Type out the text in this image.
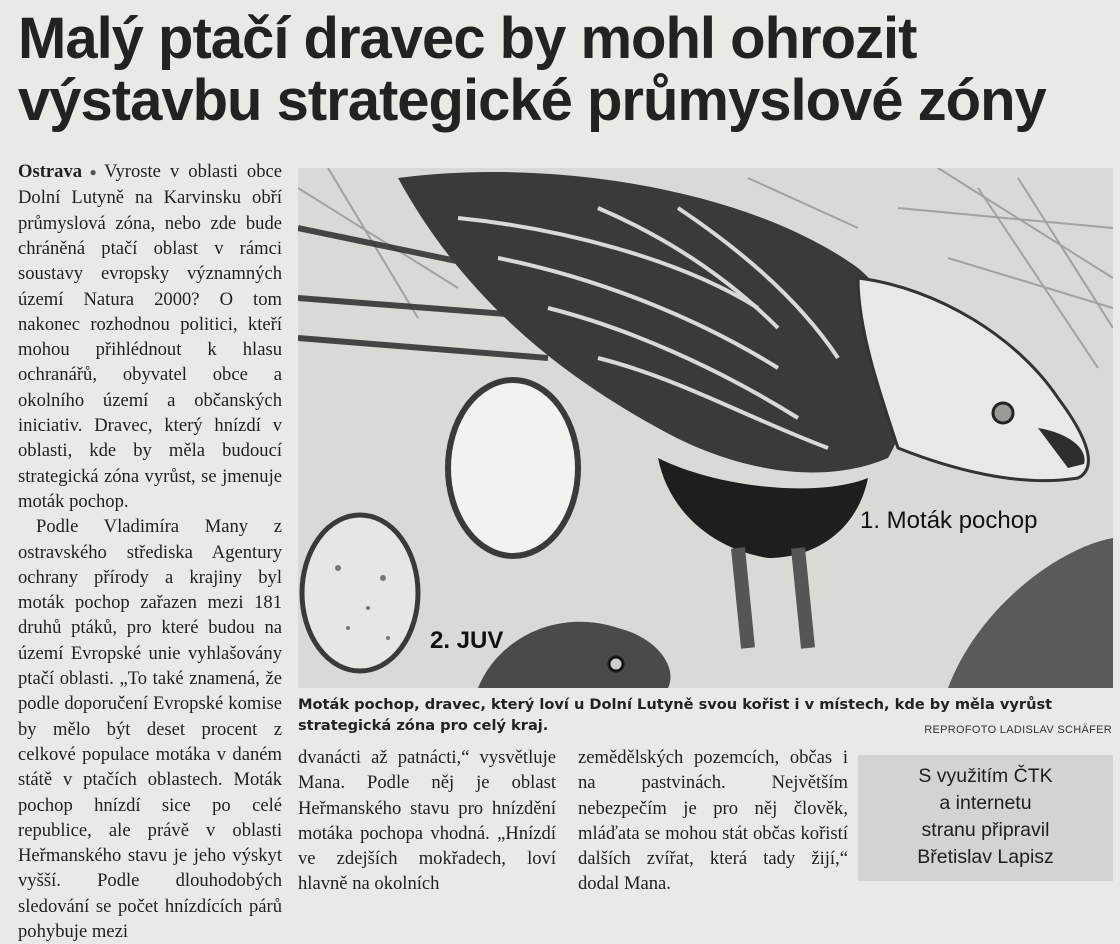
Malý ptačí dravec by mohl ohrozit
výstavbu strategické průmyslové zóny

Ostrava ● Vyroste v oblasti obce Dolní Lutyně na Karvinsku obří průmyslová zóna, nebo zde bude chráněná ptačí oblast v rámci soustavy evropsky významných území Natura 2000? O tom nakonec rozhodnou politici, kteří mohou přihlédnout k hlasu ochranářů, obyvatel obce a okolního území a občanských iniciativ. Dravec, který hnízdí v oblasti, kde by měla budoucí strategická zóna vyrůst, se jmenuje moták pochop.

Podle Vladimíra Many z ostravského střediska Agentury ochrany přírody a krajiny byl moták pochop zařazen mezi 181 druhů ptáků, pro které budou na území Evropské unie vyhlašovány ptačí oblasti. „To také znamená, že podle doporučení Evropské komise by mělo být deset procent z celkové populace motáka v daném státě v ptačích oblastech. Moták pochop hnízdí sice po celé republice, ale právě v oblasti Heřmanského stavu je jeho výskyt vyšší. Podle dlouhodobých sledování se počet hnízdících párů pohybuje mezi

1. Moták pochop
2. JUV

Moták pochop, dravec, který loví u Dolní Lutyně svou kořist i v místech, kde by měla vyrůst strategická zóna pro celý kraj.	REPROFOTO LADISLAV SCHÄFER

dvanácti až patnácti,“ vysvětluje Mana. Podle něj je oblast Heřmanského stavu pro hnízdění motáka pochopa vhodná. „Hnízdí ve zdejších mokřadech, loví hlavně na okolních

zemědělských pozemcích, občas i na pastvinách. Největším nebezpečím je pro něj člověk, mláďata se mohou stát občas kořistí dalších zvířat, která tady žijí,“ dodal Mana.

S využitím ČTK
a internetu
stranu připravil
Břetislav Lapisz
